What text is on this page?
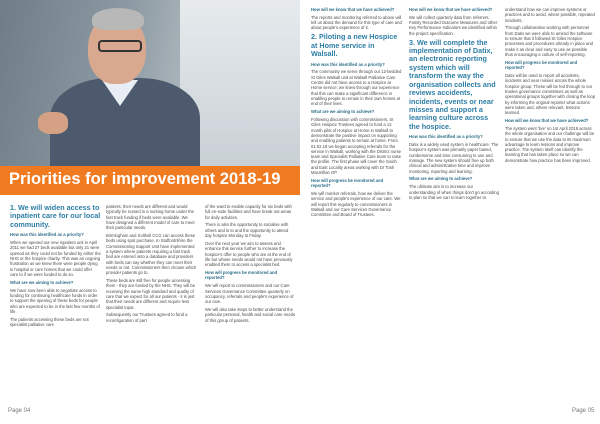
Priorities for improvement 2018-19
1. We will widen access to inpatient care for our local community.

How was this identified as a priority?

When we opened our new inpatient unit in April 2011 we had 27 beds available but only 21 were opened as they could not be funded by either the NHS or the hospice charity. This was an ongoing frustration as we knew there were people dying in hospital or care homes that we could offer care to if we were funded to do so.

What are we aiming to achieve?

We have now been able to negotiate access to funding for continuing healthcare funds in order to support the opening of these beds for people who are expected to be in the last few months of life.

The patients accessing these beds are not specialist palliative care

patients, their needs are different and would typically be nursed in a nursing home under the fast track funding if beds were available. We have designed a different model of care to meet their particular needs.

Birmingham and Solihull CCG can access these beds using spot purchase. In Stafford/shire the Commissioning Support Unit have implemented a system where patients requiring a fast track bed are entered onto a database and providers with beds can say whether they can meet their needs or not. Commissioners then choose which provider patients go to.

These beds are still free for people accessing them - they are funded by the NHS. They will be receiving the same high standard and quality of care that we expect for all our patients - it is just that their needs are different and require less specialist input.

Subsequently our Trustees agreed to fund a reconfiguration of part

of the ward to enable capacity for six beds with full en-suite facilities and have break out areas for daily activities.

There is also the opportunity to socialise with others and in to and the opportunity to attend day hospice Monday to Friday.

Over the next year we aim to assess and enhance this service further to increase the hospice's offer to people who are at the end of life but whose needs would not have previously enabled them to access a specialist bed.

How will progress be monitored and reported?

We will report to commissioners and our Care Services Governance Committee quarterly on occupancy, referrals and people's experience of our care.

We will also take steps to better understand the particular personal, health and social care needs of this group of patients.

How will we know that we have achieved?

The reports and monitoring referred to above will tell us about the demand for this type of care and about people's experience of it.

2. Piloting a new Hospice at Home service in Walsall.

How was this identified as a priority?

The community we serve through our 12-bedded St Giles Walsall unit at Walsall Palliative Care Centre did not have access to a Hospice at Home service; we knew through our experience that this can make a significant difference in enabling people to remain in their own homes at end of their lives.

What are we aiming to achieve?

Following discussion with commissioners, St Giles Hospice Trustees agreed to fund a 12 month pilot of Hospice at Home in Walsall to demonstrate the positive impact on supporting and enabling patients to remain at home. From 01.02.18 we began accepting referrals for the service in Walsall, working with the District nurse team and Specialist Palliative Care team to raise the profile. The first phase will cover the South and East Locality areas working with Dr Tosh Macmillan GP.

How will progress be monitored and reported?

We will monitor referrals, how we deliver the service and people's experience of our care. We will report this regularly to commissioners in Walsall and our Care Services Governance Committee and Board of Trustees.

How will we know that we have achieved?

We will collect quarterly data from referrers, Family Recorded Outcome Measures and other Key Performance Indicators we identified within the project specification.

3. We will complete the implementation of Datix, an electronic reporting system which will transform the way the organisation collects and reviews accidents, incidents, events or near misses and support a learning culture across the hospice.

How was this identified as a priority?

Datix is a widely used system in healthcare. The hospice's system was primarily paper based, cumbersome and time consuming to use and manage. The new system should free up both clinical and administrative time and improve monitoring, reporting and learning.

What are we aiming to achieve?

The ultimate aim is to increase our understanding of when things don't go according to plan so that we can to learn together to

understand how we can improve systems or practices and to avoid, where possible, repeated incidents.

Through collaborative working with personnel from Datix we were able to amend the software to ensure that it followed St Giles Hospice processes and procedures already in place and make it as clear and easy to use as possible thus encouraging a culture of self-reporting.

How will progress be monitored and reported?

Datix will be used to report all accidents, incidents and near misses across the whole hospice group. These will be fed through to our trustee governance committees as well as operational groups together with closing the loop by informing the original reporter what actions were taken and, where relevant, lessons learned.

How will we know that we have achieved?

The system went 'live' on 1st April 2018 across the whole organisation and our challenge will be to ensure that we use the data to its maximum advantage to learn lessons and improve practice. The system itself can identify the learning that has taken place so we can demonstrate how practice has been improved.

Page 04	Page 05
